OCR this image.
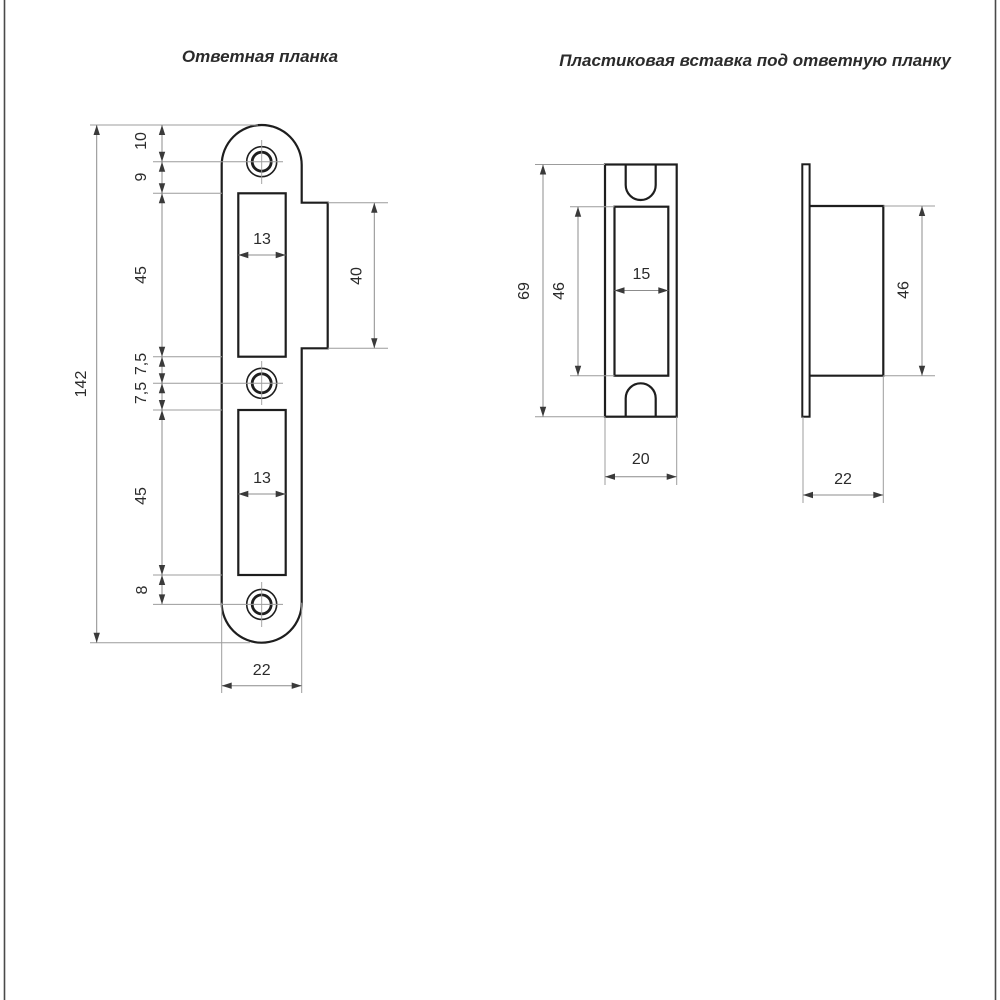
Ответная планка	Пластиковая вставка под ответную планку
142
10
9
45
7,5
7,5
45
8
40
13
13
22
69 46
15
20
46
22
